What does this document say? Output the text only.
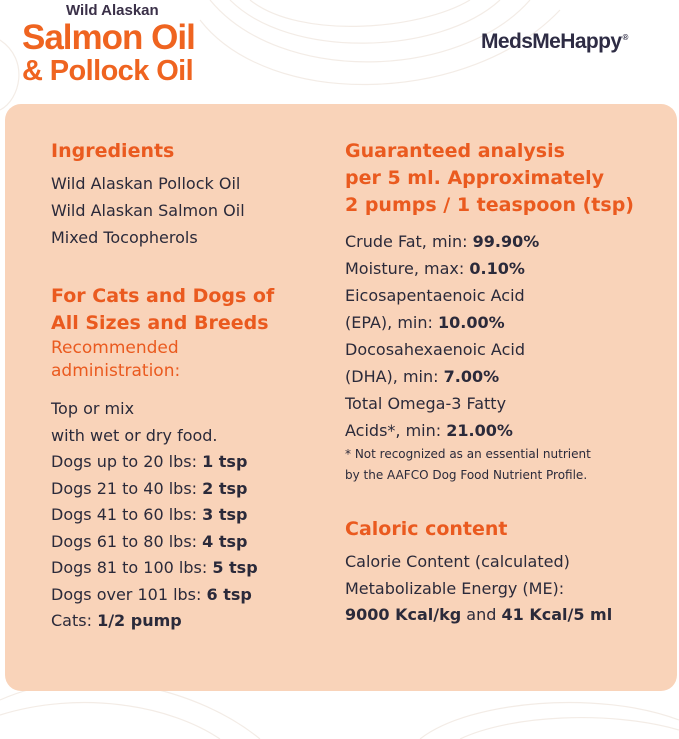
Wild Alaskan
Salmon Oil
& Pollock Oil
MedsMeHappy®
Ingredients
Wild Alaskan Pollock Oil
Wild Alaskan Salmon Oil
Mixed Tocopherols
For Cats and Dogs of
All Sizes and Breeds
Recommended
administration:
Top or mix
with wet or dry food.
Dogs up to 20 lbs: 1 tsp
Dogs 21 to 40 lbs: 2 tsp
Dogs 41 to 60 lbs: 3 tsp
Dogs 61 to 80 lbs: 4 tsp
Dogs 81 to 100 lbs: 5 tsp
Dogs over 101 lbs: 6 tsp
Cats: 1/2 pump
Guaranteed analysis
per 5 ml. Approximately
2 pumps / 1 teaspoon (tsp)
Crude Fat, min: 99.90%
Moisture, max: 0.10%
Eicosapentaenoic Acid
(EPA), min: 10.00%
Docosahexaenoic Acid
(DHA), min: 7.00%
Total Omega-3 Fatty
Acids*, min: 21.00%
* Not recognized as an essential nutrient
by the AAFCO Dog Food Nutrient Profile.
Caloric content
Calorie Content (calculated)
Metabolizable Energy (ME):
9000 Kcal/kg and 41 Kcal/5 ml
